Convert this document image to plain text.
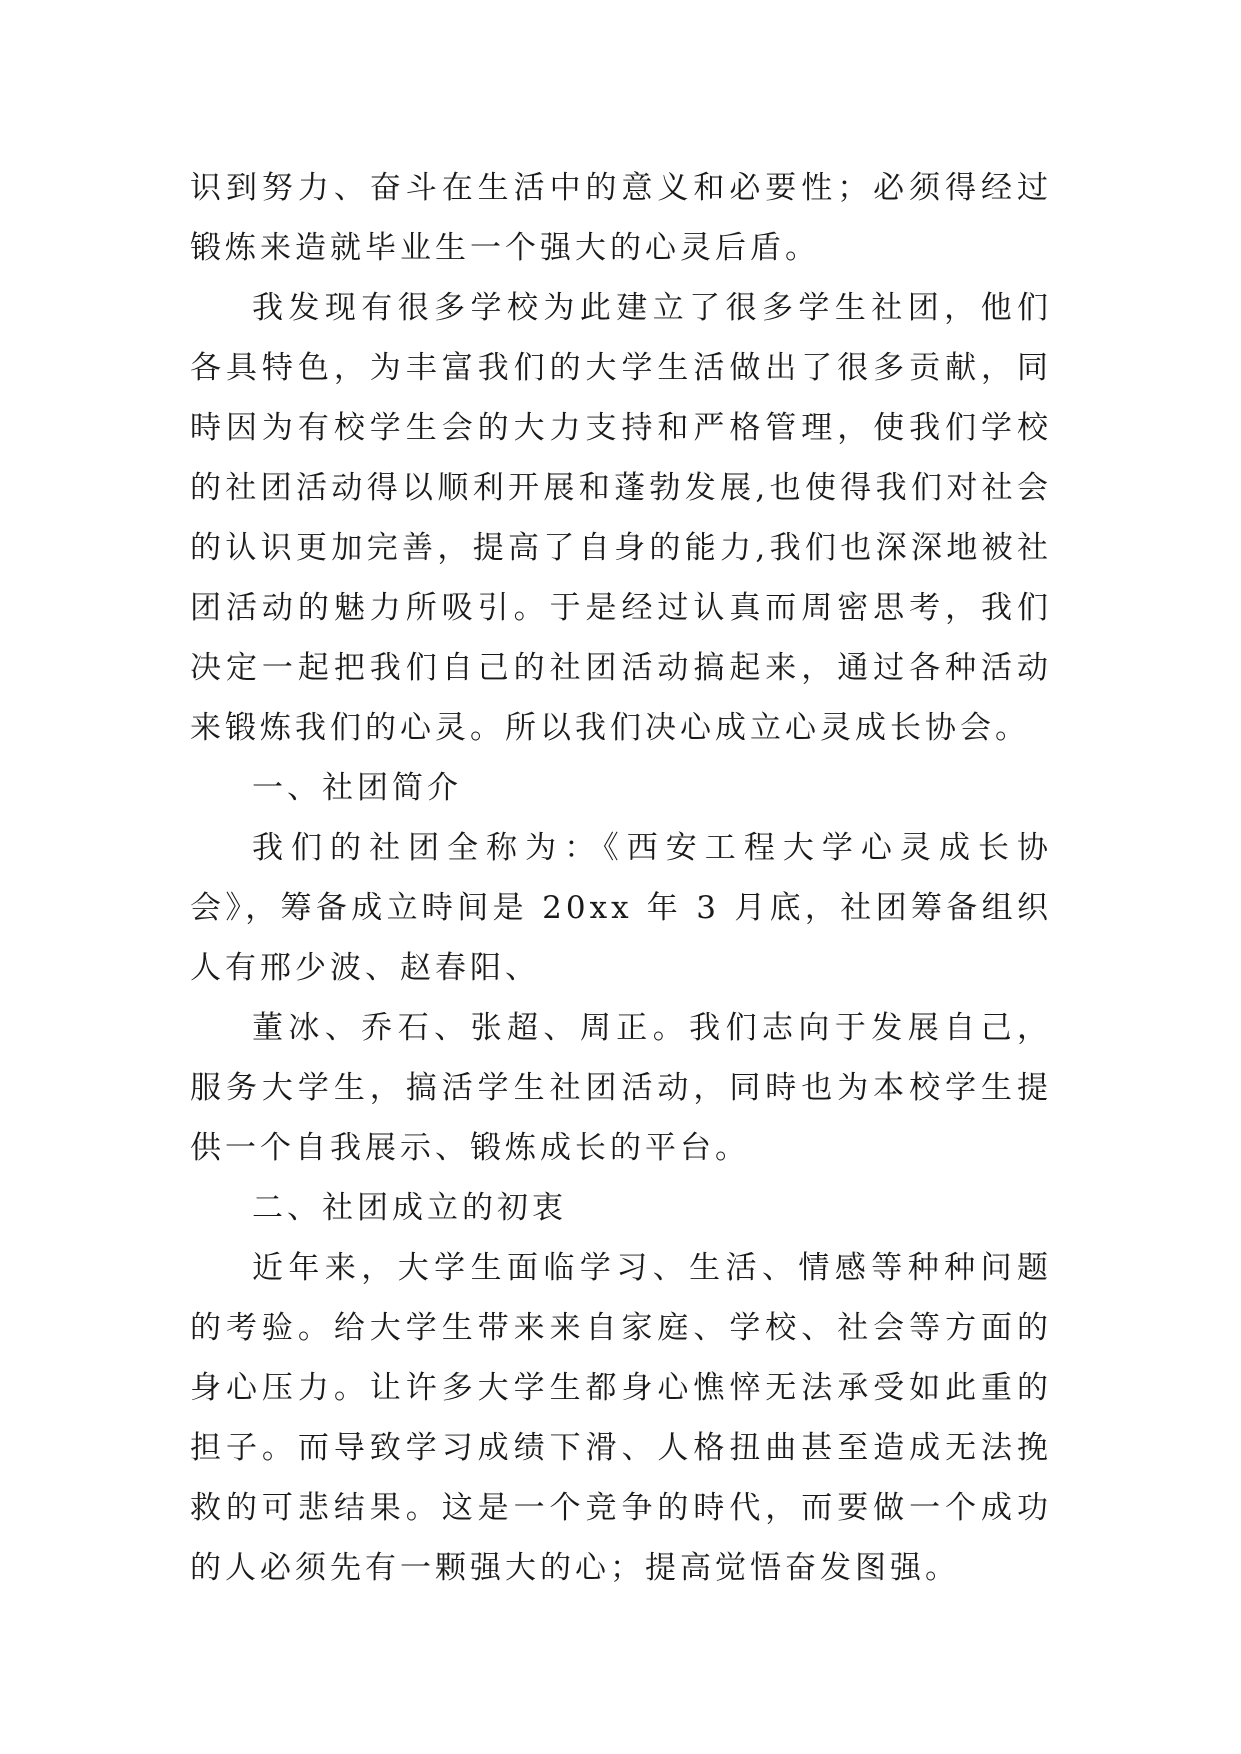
识到努力、奋斗在生活中的意义和必要性；必须得经过锻炼来造就毕业生一个强大的心灵后盾。

我发现有很多学校为此建立了很多学生社团，他们各具特色，为丰富我们的大学生活做出了很多贡献，同時因为有校学生会的大力支持和严格管理，使我们学校的社团活动得以顺利开展和蓬勃发展,也使得我们对社会的认识更加完善，提高了自身的能力,我们也深深地被社团活动的魅力所吸引。于是经过认真而周密思考，我们决定一起把我们自己的社团活动搞起来，通过各种活动来锻炼我们的心灵。所以我们决心成立心灵成长协会。

一、社团简介

我们的社团全称为：《西安工程大学心灵成长协会》，筹备成立時间是 20xx 年 3 月底，社团筹备组织人有邢少波、赵春阳、

董冰、乔石、张超、周正。我们志向于发展自己，服务大学生，搞活学生社团活动，同時也为本校学生提供一个自我展示、锻炼成长的平台。

二、社团成立的初衷

近年来，大学生面临学习、生活、情感等种种问题的考验。给大学生带来来自家庭、学校、社会等方面的身心压力。让许多大学生都身心憔悴无法承受如此重的担子。而导致学习成绩下滑、人格扭曲甚至造成无法挽救的可悲结果。这是一个竞争的時代，而要做一个成功的人必须先有一颗强大的心；提高觉悟奋发图强。
